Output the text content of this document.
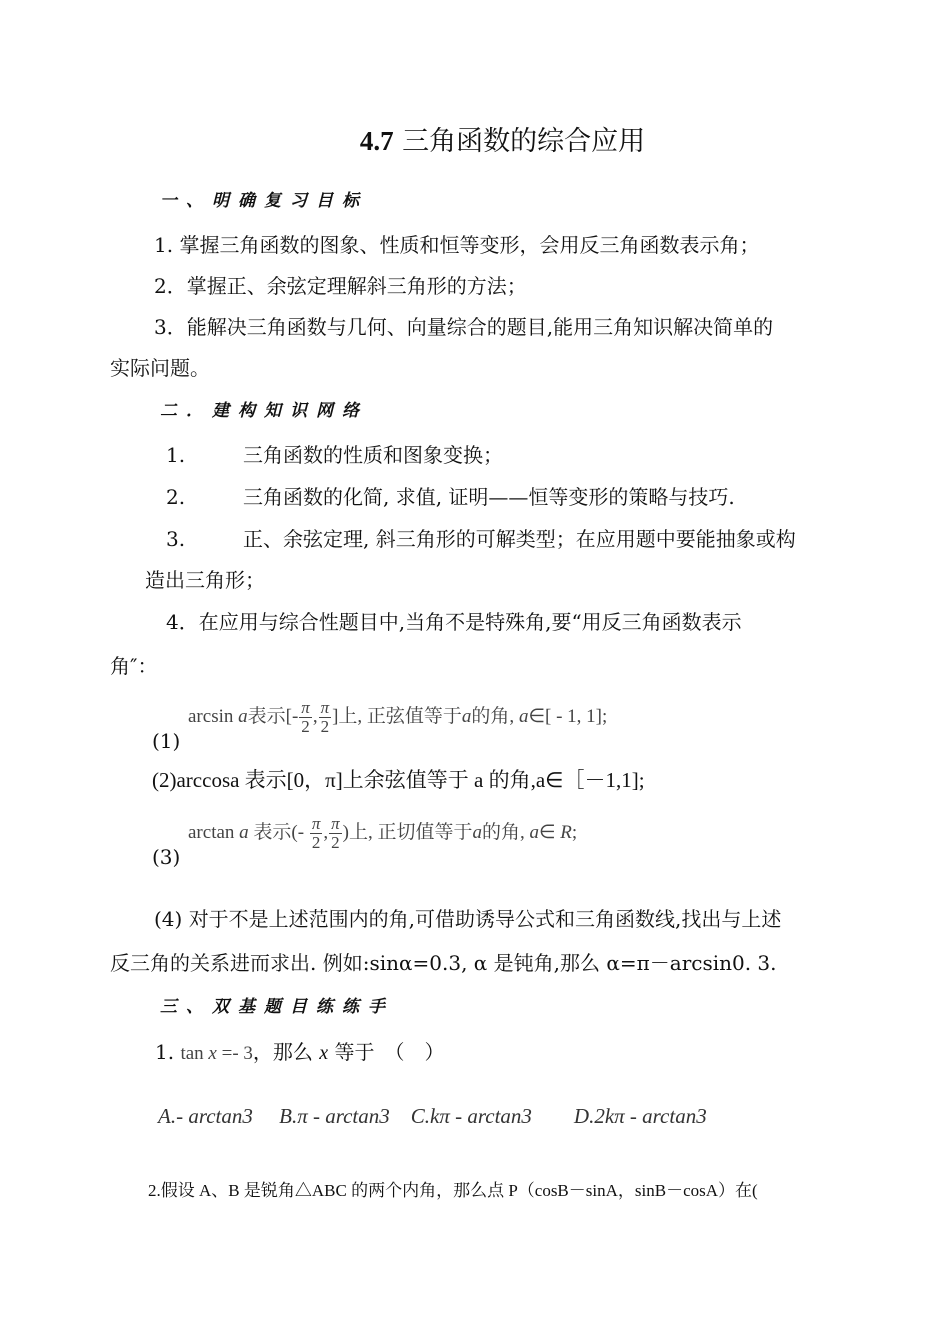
4.7 三角函数的综合应用
一、明确复习目标
1. 掌握三角函数的图象、性质和恒等变形，会用反三角函数表示角；
2．掌握正、余弦定理解斜三角形的方法；
3．能解决三角函数与几何、向量综合的题目,能用三角知识解决简单的
实际问题。
二．建构知识网络
1.	三角函数的性质和图象变换；
2.	三角函数的化简, 求值, 证明——恒等变形的策略与技巧.
3.	正、余弦定理, 斜三角形的可解类型；在应用题中要能抽象或构
造出三角形；
4．在应用与综合性题目中,当角不是特殊角,要“用反三角函数表示
角″：
(1)
arcsin a表示[- $\frac{\pi}{2}$ , $\frac{\pi}{2}$ ]上, 正弦值等于a的角, a∈[ - 1, 1];
(2)arccosa 表示[0，π]上余弦值等于 a 的角,a∈［－1,1];
(3)
arctan a 表示(- $\frac{\pi}{2}$ , $\frac{\pi}{2}$ )上, 正切值等于a的角, a∈ R;
(4) 对于不是上述范围内的角,可借助诱导公式和三角函数线,找出与上述
反三角的关系进而求出. 例如:sinα=0.3, α 是钝角,那么 α=π－arcsin0. 3.
三、双基题目练练手
1. tan x =- 3，那么 x 等于　（　）
A.- arctan3　 B.π - arctan3　C.kπ - arctan3　　D.2kπ - arctan3
2.假设 A、B 是锐角△ABC 的两个内角，那么点 P（cosB－sinA，sinB－cosA）在(
